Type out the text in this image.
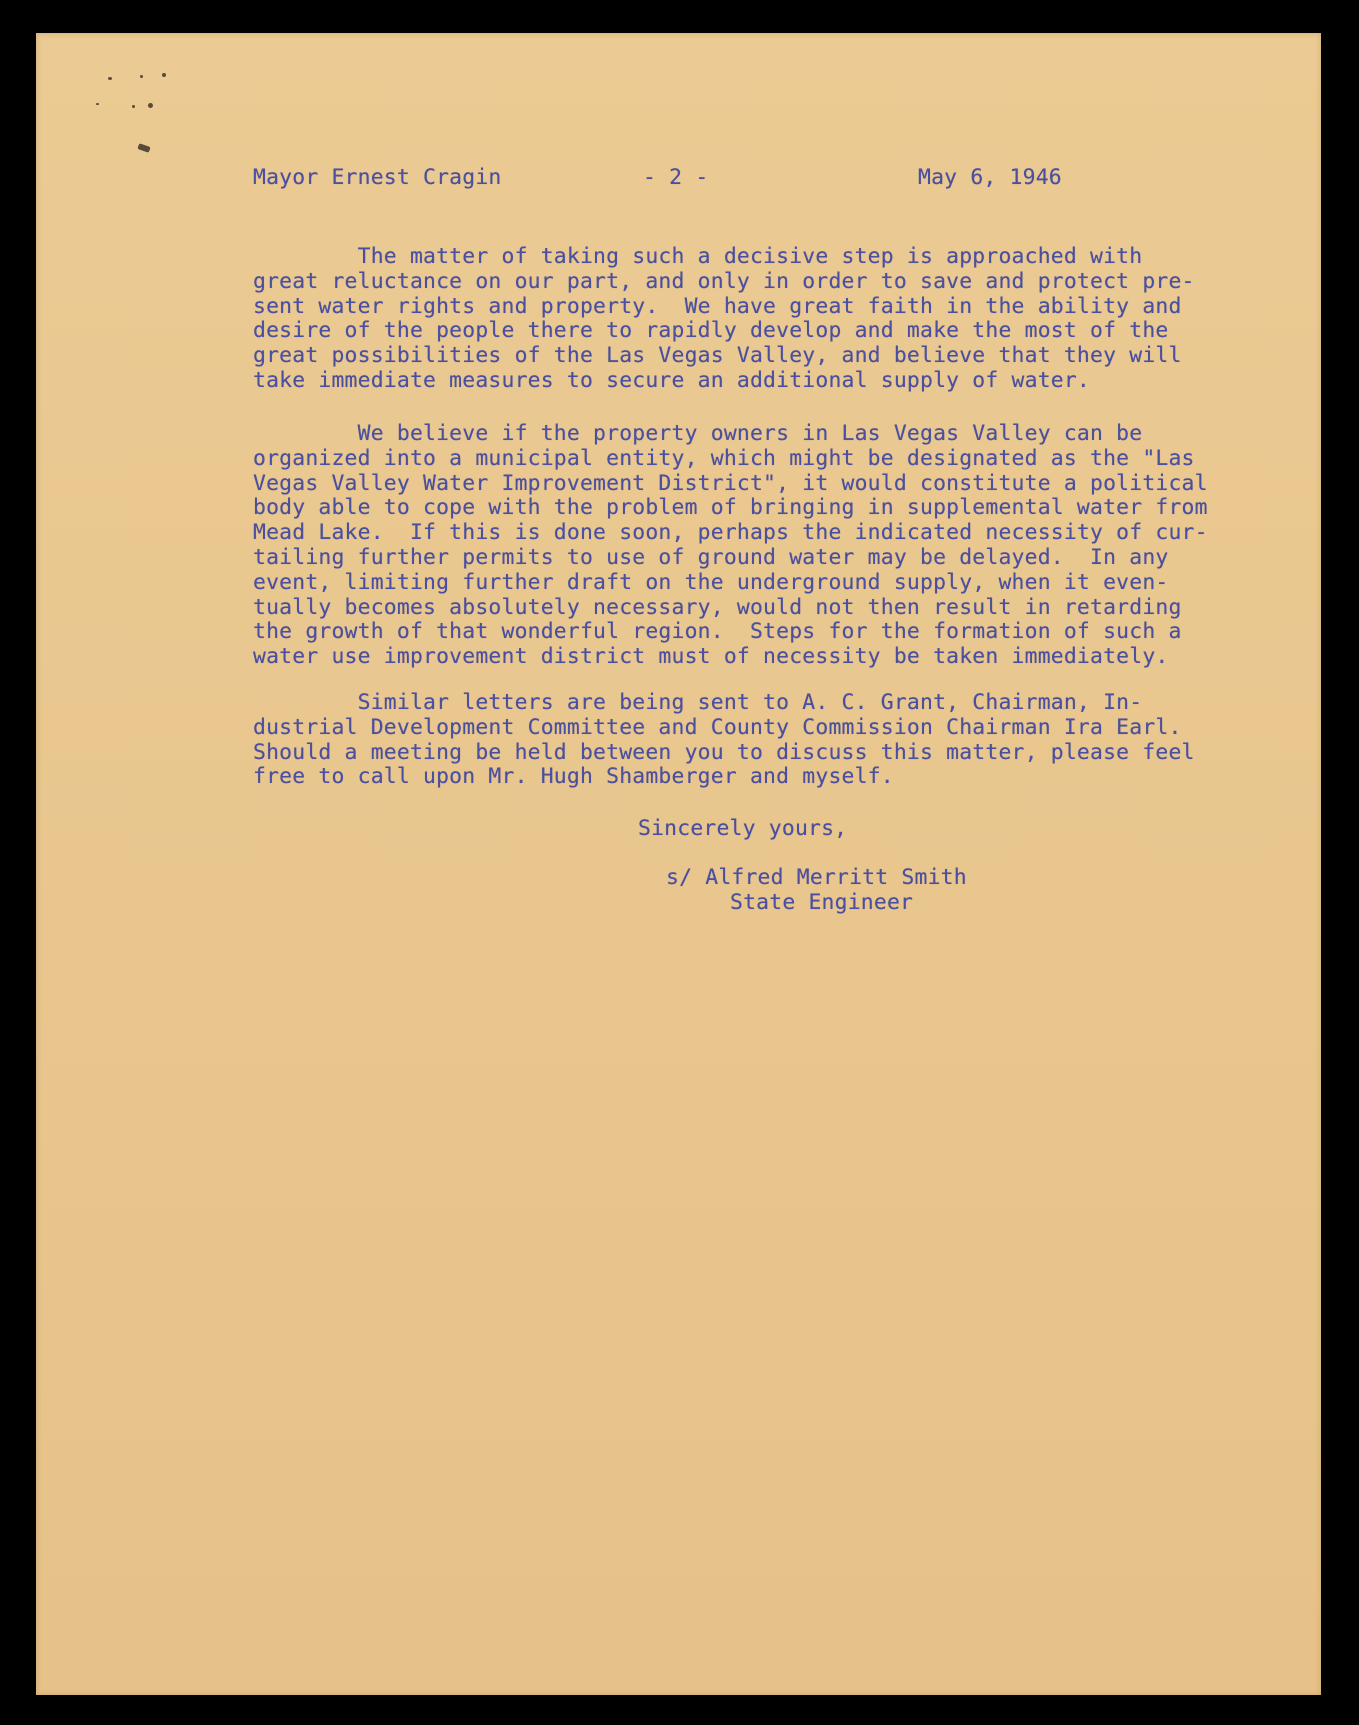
Mayor Ernest Cragin	- 2 -	May 6, 1946
The matter of taking such a decisive step is approached with
great reluctance on our part, and only in order to save and protect pre-
sent water rights and property.  We have great faith in the ability and
desire of the people there to rapidly develop and make the most of the
great possibilities of the Las Vegas Valley, and believe that they will
take immediate measures to secure an additional supply of water.
We believe if the property owners in Las Vegas Valley can be
organized into a municipal entity, which might be designated as the "Las
Vegas Valley Water Improvement District", it would constitute a political
body able to cope with the problem of bringing in supplemental water from
Mead Lake.  If this is done soon, perhaps the indicated necessity of cur-
tailing further permits to use of ground water may be delayed.  In any
event, limiting further draft on the underground supply, when it even-
tually becomes absolutely necessary, would not then result in retarding
the growth of that wonderful region.  Steps for the formation of such a
water use improvement district must of necessity be taken immediately.
Similar letters are being sent to A. C. Grant, Chairman, In-
dustrial Development Committee and County Commission Chairman Ira Earl.
Should a meeting be held between you to discuss this matter, please feel
free to call upon Mr. Hugh Shamberger and myself.
Sincerely yours,
s/ Alfred Merritt Smith
State Engineer
